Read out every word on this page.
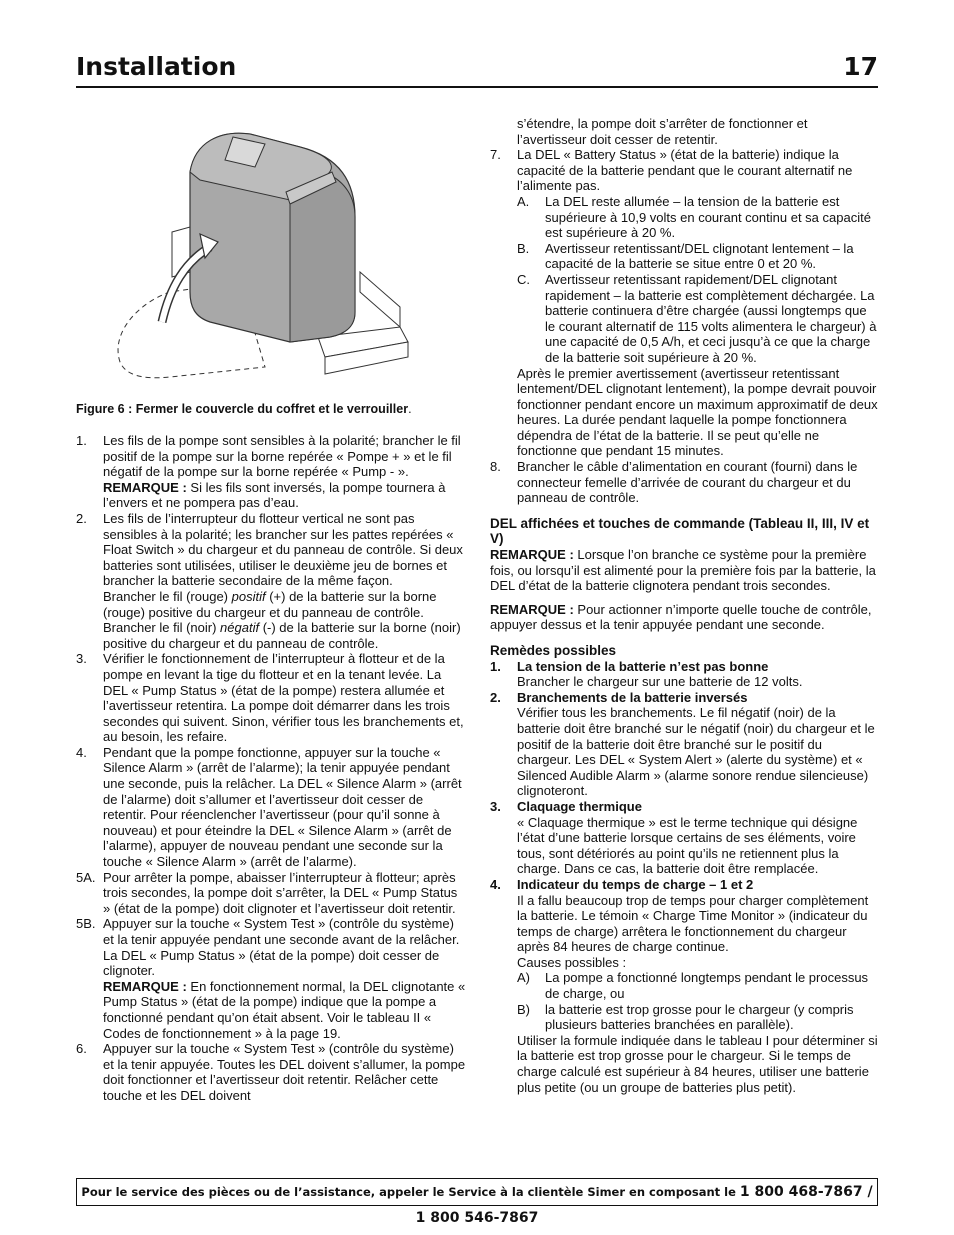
Installation	17
Figure 6 : Fermer le couvercle du coffret et le verrouiller.
1. Les fils de la pompe sont sensibles à la polarité; brancher le fil positif de la pompe sur la borne repérée « Pompe + » et le fil négatif de la pompe sur la borne repérée « Pump - ».
REMARQUE : Si les fils sont inversés, la pompe tournera à l’envers et ne pompera pas d’eau.
2. Les fils de l’interrupteur du flotteur vertical ne sont pas sensibles à la polarité; les brancher sur les pattes repérées « Float Switch » du chargeur et du panneau de contrôle. Si deux batteries sont utilisées, utiliser le deuxième jeu de bornes et brancher la batterie secondaire de la même façon.
Brancher le fil (rouge) positif (+) de la batterie sur la borne (rouge) positive du chargeur et du panneau de contrôle.
Brancher le fil (noir) négatif (-) de la batterie sur la borne (noir) positive du chargeur et du panneau de contrôle.
3. Vérifier le fonctionnement de l’interrupteur à flotteur et de la pompe en levant la tige du flotteur et en la tenant levée. La DEL « Pump Status » (état de la pompe) restera allumée et l’avertisseur retentira. La pompe doit démarrer dans les trois secondes qui suivent. Sinon, vérifier tous les branchements et, au besoin, les refaire.
4. Pendant que la pompe fonctionne, appuyer sur la touche « Silence Alarm » (arrêt de l’alarme); la tenir appuyée pendant une seconde, puis la relâcher. La DEL « Silence Alarm » (arrêt de l’alarme) doit s’allumer et l’avertisseur doit cesser de retentir. Pour réenclencher l’avertisseur (pour qu’il sonne à nouveau) et pour éteindre la DEL « Silence Alarm » (arrêt de l’alarme), appuyer de nouveau pendant une seconde sur la touche « Silence Alarm » (arrêt de l’alarme).
5A. Pour arrêter la pompe, abaisser l’interrupteur à flotteur; après trois secondes, la pompe doit s’arrêter, la DEL « Pump Status » (état de la pompe) doit clignoter et l’avertisseur doit retentir.
5B. Appuyer sur la touche « System Test » (contrôle du système) et la tenir appuyée pendant une seconde avant de la relâcher. La DEL « Pump Status » (état de la pompe) doit cesser de clignoter.
REMARQUE : En fonctionnement normal, la DEL clignotante « Pump Status » (état de la pompe) indique que la pompe a fonctionné pendant qu’on était absent. Voir le tableau II « Codes de fonctionnement » à la page 19.
6. Appuyer sur la touche « System Test » (contrôle du système) et la tenir appuyée. Toutes les DEL doivent s’allumer, la pompe doit fonctionner et l’avertisseur doit retentir. Relâcher cette touche et les DEL doivent
s’étendre, la pompe doit s’arrêter de fonctionner et l’avertisseur doit cesser de retentir.
7. La DEL « Battery Status » (état de la batterie) indique la capacité de la batterie pendant que le courant alternatif ne l’alimente pas.
A. La DEL reste allumée – la tension de la batterie est supérieure à 10,9 volts en courant continu et sa capacité est supérieure à 20 %.
B. Avertisseur retentissant/DEL clignotant lentement – la capacité de la batterie se situe entre 0 et 20 %.
C. Avertisseur retentissant rapidement/DEL clignotant rapidement – la batterie est complètement déchargée. La batterie continuera d’être chargée (aussi longtemps que le courant alternatif de 115 volts alimentera le chargeur) à une capacité de 0,5 A/h, et ceci jusqu’à ce que la charge de la batterie soit supérieure à 20 %.
Après le premier avertissement (avertisseur retentissant lentement/DEL clignotant lentement), la pompe devrait pouvoir fonctionner pendant encore un maximum approximatif de deux heures. La durée pendant laquelle la pompe fonctionnera dépendra de l’état de la batterie. Il se peut qu’elle ne fonctionne que pendant 15 minutes.
8. Brancher le câble d’alimentation en courant (fourni) dans le connecteur femelle d’arrivée de courant du chargeur et du panneau de contrôle.
DEL affichées et touches de commande (Tableau II, III, IV et V)
REMARQUE : Lorsque l’on branche ce système pour la première fois, ou lorsqu’il est alimenté pour la première fois par la batterie, la DEL d’état de la batterie clignotera pendant trois secondes.
REMARQUE : Pour actionner n’importe quelle touche de contrôle, appuyer dessus et la tenir appuyée pendant une seconde.
Remèdes possibles
1. La tension de la batterie n’est pas bonne
Brancher le chargeur sur une batterie de 12 volts.
2. Branchements de la batterie inversés
Vérifier tous les branchements. Le fil négatif (noir) de la batterie doit être branché sur le négatif (noir) du chargeur et le positif de la batterie doit être branché sur le positif du chargeur. Les DEL « System Alert » (alerte du système) et « Silenced Audible Alarm » (alarme sonore rendue silencieuse) clignoteront.
3. Claquage thermique
« Claquage thermique » est le terme technique qui désigne l’état d’une batterie lorsque certains de ses éléments, voire tous, sont détériorés au point qu’ils ne retiennent plus la charge. Dans ce cas, la batterie doit être remplacée.
4. Indicateur du temps de charge – 1 et 2
Il a fallu beaucoup trop de temps pour charger complètement la batterie. Le témoin « Charge Time Monitor » (indicateur du temps de charge) arrêtera le fonctionnement du chargeur après 84 heures de charge continue.
Causes possibles :
A) La pompe a fonctionné longtemps pendant le processus de charge, ou
B) la batterie est trop grosse pour le chargeur (y compris plusieurs batteries branchées en parallèle).
Utiliser la formule indiquée dans le tableau I pour déterminer si la batterie est trop grosse pour le chargeur. Si le temps de charge calculé est supérieur à 84 heures, utiliser une batterie plus petite (ou un groupe de batteries plus petit).
Pour le service des pièces ou de l’assistance, appeler le Service à la clientèle Simer en composant le 1 800 468-7867 / 1 800 546-7867
